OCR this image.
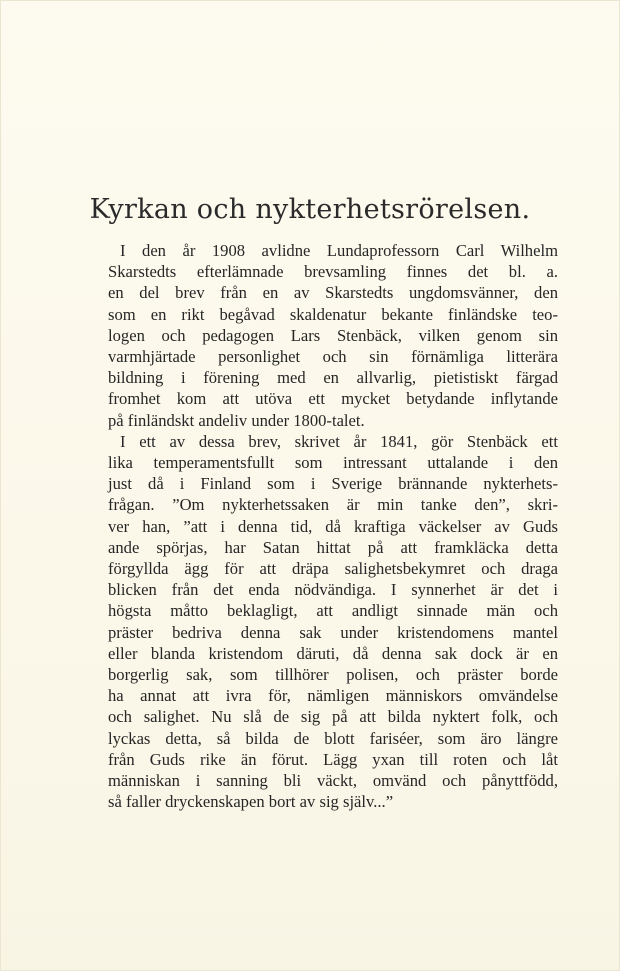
Kyrkan och nykterhetsrörelsen.

I den år 1908 avlidne Lundaprofessorn Carl Wilhelm
Skarstedts efterlämnade brevsamling finnes det bl. a.
en del brev från en av Skarstedts ungdomsvänner, den
som en rikt begåvad skaldenatur bekante finländske teo-
logen och pedagogen Lars Stenbäck, vilken genom sin
varmhjärtade personlighet och sin förnämliga litterära
bildning i förening med en allvarlig, pietistiskt färgad
fromhet kom att utöva ett mycket betydande inflytande
på finländskt andeliv under 1800-talet.

I ett av dessa brev, skrivet år 1841, gör Stenbäck ett
lika temperamentsfullt som intressant uttalande i den
just då i Finland som i Sverige brännande nykterhets-
frågan. ”Om nykterhetssaken är min tanke den”, skri-
ver han, ”att i denna tid, då kraftiga väckelser av Guds
ande spörjas, har Satan hittat på att framkläcka detta
förgyllda ägg för att dräpa salighetsbekymret och draga
blicken från det enda nödvändiga. I synnerhet är det i
högsta måtto beklagligt, att andligt sinnade män och
präster bedriva denna sak under kristendomens mantel
eller blanda kristendom däruti, då denna sak dock är en
borgerlig sak, som tillhörer polisen, och präster borde
ha annat att ivra för, nämligen människors omvändelse
och salighet. Nu slå de sig på att bilda nyktert folk, och
lyckas detta, så bilda de blott fariséer, som äro längre
från Guds rike än förut. Lägg yxan till roten och låt
människan i sanning bli väckt, omvänd och pånyttfödd,
så faller dryckenskapen bort av sig själv...”
